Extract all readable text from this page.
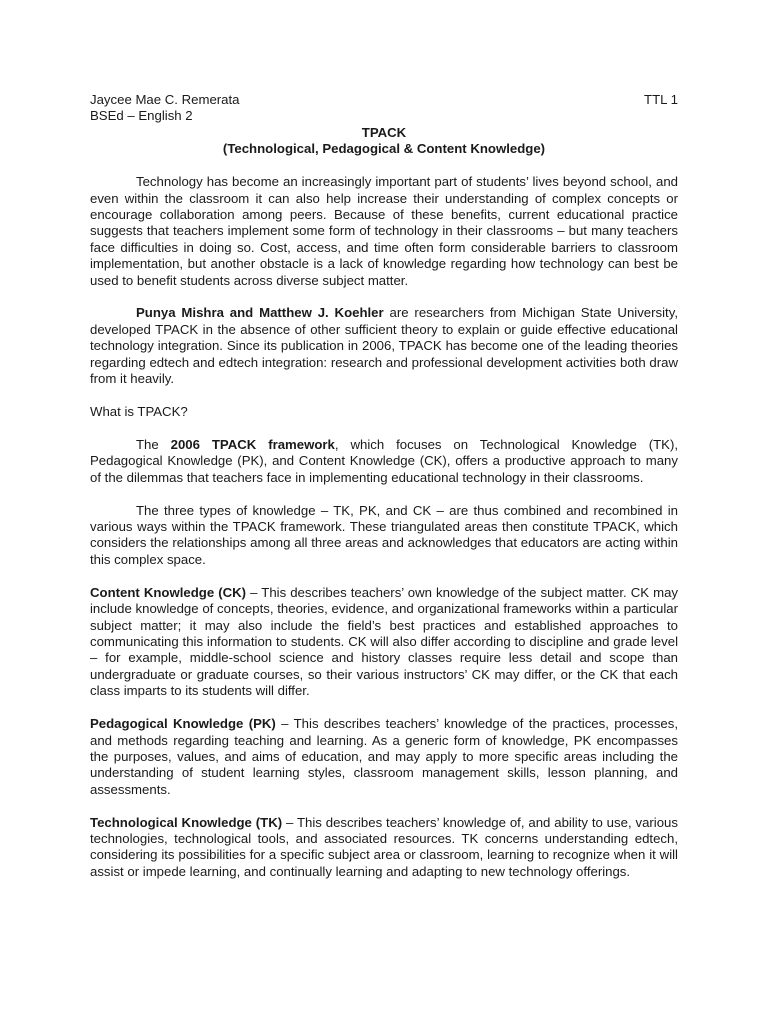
Jaycee Mae C. Remerata
BSEd – English 2
TTL 1
TPACK
(Technological, Pedagogical & Content Knowledge)

Technology has become an increasingly important part of students’ lives beyond school, and even within the classroom it can also help increase their understanding of complex concepts or encourage collaboration among peers. Because of these benefits, current educational practice suggests that teachers implement some form of technology in their classrooms – but many teachers face difficulties in doing so. Cost, access, and time often form considerable barriers to classroom implementation, but another obstacle is a lack of knowledge regarding how technology can best be used to benefit students across diverse subject matter.

Punya Mishra and Matthew J. Koehler are researchers from Michigan State University, developed TPACK in the absence of other sufficient theory to explain or guide effective educational technology integration. Since its publication in 2006, TPACK has become one of the leading theories regarding edtech and edtech integration: research and professional development activities both draw from it heavily.

What is TPACK?

The 2006 TPACK framework, which focuses on Technological Knowledge (TK), Pedagogical Knowledge (PK), and Content Knowledge (CK), offers a productive approach to many of the dilemmas that teachers face in implementing educational technology in their classrooms.

The three types of knowledge – TK, PK, and CK – are thus combined and recombined in various ways within the TPACK framework. These triangulated areas then constitute TPACK, which considers the relationships among all three areas and acknowledges that educators are acting within this complex space.

Content Knowledge (CK) – This describes teachers’ own knowledge of the subject matter. CK may include knowledge of concepts, theories, evidence, and organizational frameworks within a particular subject matter; it may also include the field’s best practices and established approaches to communicating this information to students. CK will also differ according to discipline and grade level – for example, middle-school science and history classes require less detail and scope than undergraduate or graduate courses, so their various instructors’ CK may differ, or the CK that each class imparts to its students will differ.

Pedagogical Knowledge (PK) – This describes teachers’ knowledge of the practices, processes, and methods regarding teaching and learning. As a generic form of knowledge, PK encompasses the purposes, values, and aims of education, and may apply to more specific areas including the understanding of student learning styles, classroom management skills, lesson planning, and assessments.

Technological Knowledge (TK) – This describes teachers’ knowledge of, and ability to use, various technologies, technological tools, and associated resources. TK concerns understanding edtech, considering its possibilities for a specific subject area or classroom, learning to recognize when it will assist or impede learning, and continually learning and adapting to new technology offerings.
